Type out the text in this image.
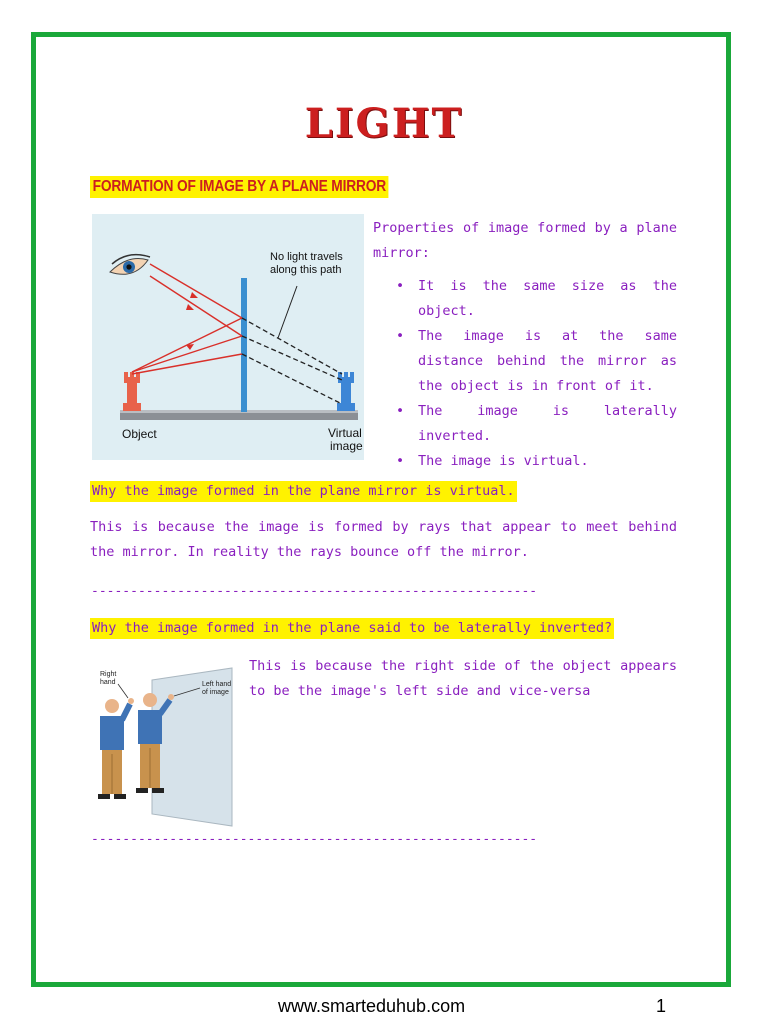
LIGHT
FORMATION OF IMAGE BY A PLANE MIRROR
No light travels
along this path
Object	Virtual
image

Properties of image formed by a plane mirror:

• It is the same size as the object.
• The image is at the same distance behind the mirror as the object is in front of it.
• The image is laterally inverted.
• The image is virtual.
Why the image formed in the plane mirror is virtual.
This is because the image is formed by rays that appear to meet behind the mirror. In reality the rays bounce off the mirror.
---------------------------------------------------------
Why the image formed in the plane said to be laterally inverted?
Right
hand	Left hand
of image
This is because the right side of the object appears to be the image's left side and vice-versa
---------------------------------------------------------
www.smarteduhub.com	1
